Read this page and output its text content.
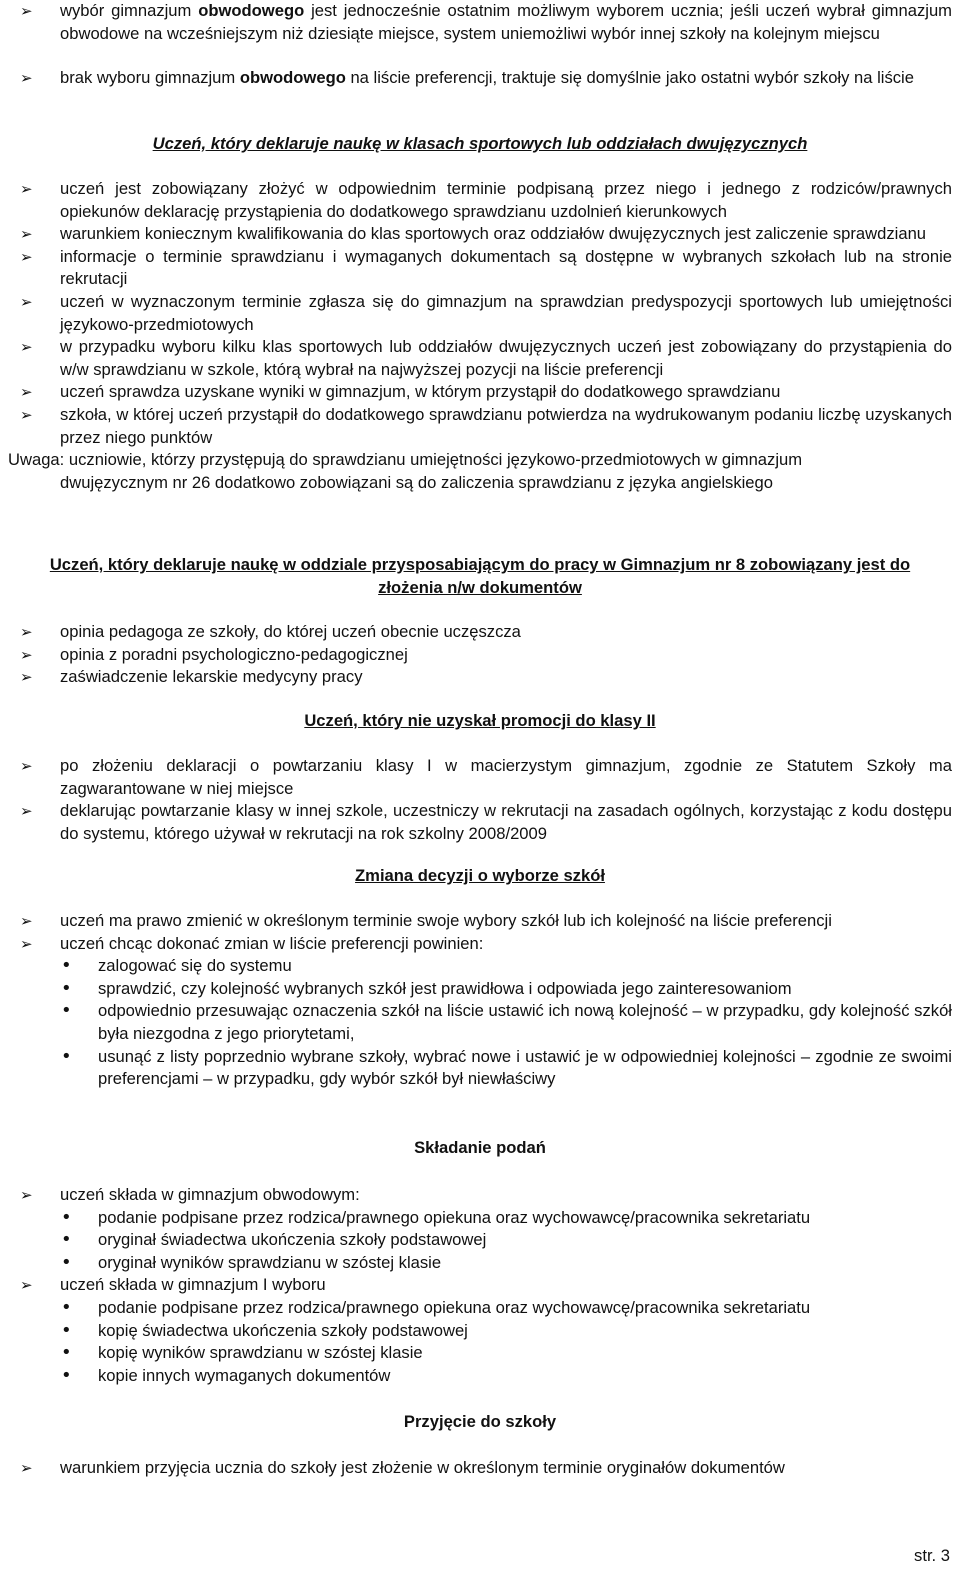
➢ wybór gimnazjum obwodowego jest jednocześnie ostatnim możliwym wyborem ucznia; jeśli uczeń wybrał gimnazjum obwodowe na wcześniejszym niż dziesiąte miejsce, system uniemożliwi wybór innej szkoły na kolejnym miejscu
➢ brak wyboru gimnazjum obwodowego na liście preferencji, traktuje się domyślnie jako ostatni wybór szkoły na liście
Uczeń, który deklaruje naukę w klasach sportowych lub oddziałach dwujęzycznych
➢ uczeń jest zobowiązany złożyć w odpowiednim terminie podpisaną przez niego i jednego z rodziców/prawnych opiekunów deklarację przystąpienia do dodatkowego sprawdzianu uzdolnień kierunkowych
➢ warunkiem koniecznym kwalifikowania do klas sportowych oraz oddziałów dwujęzycznych jest zaliczenie sprawdzianu
➢ informacje o terminie sprawdzianu i wymaganych dokumentach są dostępne w wybranych szkołach lub na stronie rekrutacji
➢ uczeń w wyznaczonym terminie zgłasza się do gimnazjum na sprawdzian predyspozycji sportowych lub umiejętności językowo-przedmiotowych
➢ w przypadku wyboru kilku klas sportowych lub oddziałów dwujęzycznych uczeń jest zobowiązany do przystąpienia do w/w sprawdzianu w szkole, którą wybrał na najwyższej pozycji na liście preferencji
➢ uczeń sprawdza uzyskane wyniki w gimnazjum, w którym przystąpił do dodatkowego sprawdzianu
➢ szkoła, w której uczeń przystąpił do dodatkowego sprawdzianu potwierdza na wydrukowanym podaniu liczbę uzyskanych przez niego punktów
Uwaga: uczniowie, którzy przystępują do sprawdzianu umiejętności językowo-przedmiotowych w gimnazjum
dwujęzycznym nr 26 dodatkowo zobowiązani są do zaliczenia sprawdzianu z języka angielskiego
Uczeń, który deklaruje naukę w oddziale przysposabiającym do pracy w Gimnazjum nr 8 zobowiązany jest do złożenia n/w dokumentów
➢ opinia pedagoga ze szkoły, do której uczeń obecnie uczęszcza
➢ opinia z poradni psychologiczno-pedagogicznej
➢ zaświadczenie lekarskie medycyny pracy
Uczeń, który nie uzyskał promocji do klasy II
➢ po złożeniu deklaracji o powtarzaniu klasy I w macierzystym gimnazjum, zgodnie ze Statutem Szkoły ma zagwarantowane w niej miejsce
➢ deklarując powtarzanie klasy w innej szkole, uczestniczy w rekrutacji na zasadach ogólnych, korzystając z kodu dostępu do systemu, którego używał w rekrutacji na rok szkolny 2008/2009
Zmiana decyzji o wyborze szkół
➢ uczeń ma prawo zmienić w określonym terminie swoje wybory szkół lub ich kolejność na liście preferencji
➢ uczeń chcąc dokonać zmian w liście preferencji powinien:
• zalogować się do systemu
• sprawdzić, czy kolejność wybranych szkół jest prawidłowa i odpowiada jego zainteresowaniom
• odpowiednio przesuwając oznaczenia szkół na liście ustawić ich nową kolejność – w przypadku, gdy kolejność szkół była niezgodna z jego priorytetami,
• usunąć z listy poprzednio wybrane szkoły, wybrać nowe i ustawić je w odpowiedniej kolejności – zgodnie ze swoimi preferencjami – w przypadku, gdy wybór szkół był niewłaściwy
Składanie podań
➢ uczeń składa w gimnazjum obwodowym:
• podanie podpisane przez rodzica/prawnego opiekuna oraz wychowawcę/pracownika sekretariatu
• oryginał świadectwa ukończenia szkoły podstawowej
• oryginał wyników sprawdzianu w szóstej klasie
➢ uczeń składa w gimnazjum I wyboru
• podanie podpisane przez rodzica/prawnego opiekuna oraz wychowawcę/pracownika sekretariatu
• kopię świadectwa ukończenia szkoły podstawowej
• kopię wyników sprawdzianu w szóstej klasie
• kopie innych wymaganych dokumentów
Przyjęcie do szkoły
➢ warunkiem przyjęcia ucznia do szkoły jest złożenie w określonym terminie oryginałów dokumentów
str. 3
